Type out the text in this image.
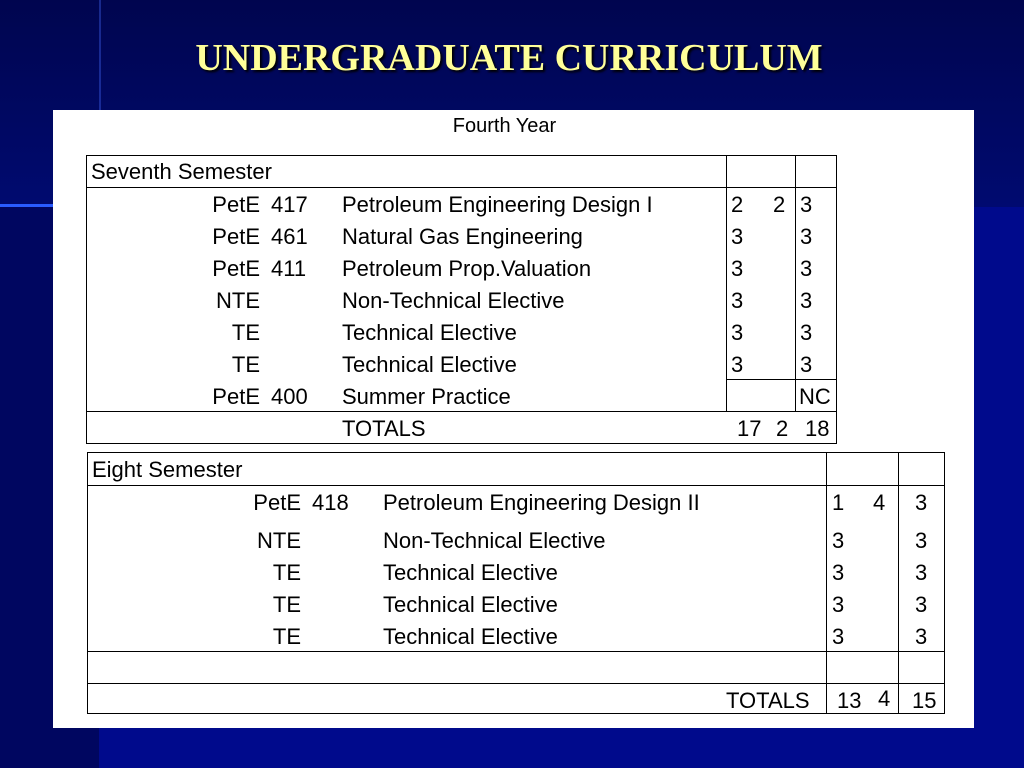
UNDERGRADUATE CURRICULUM
Fourth Year
Seventh Semester
PetE 417 Petroleum Engineering Design I	2 2 3
PetE 461 Natural Gas Engineering	3	3
PetE 411 Petroleum Prop.Valuation	3	3
NTE	Non-Technical Elective	3	3
TE	Technical Elective	3	3
TE	Technical Elective	3	3
PetE 400 Summer Practice	NC
TOTALS	17 2 18
Eight Semester
PetE 418 Petroleum Engineering Design II	1 4 3
NTE	Non-Technical Elective	3	3
TE	Technical Elective	3	3
TE	Technical Elective	3	3
TE	Technical Elective	3	3
TOTALS 13 4 15
